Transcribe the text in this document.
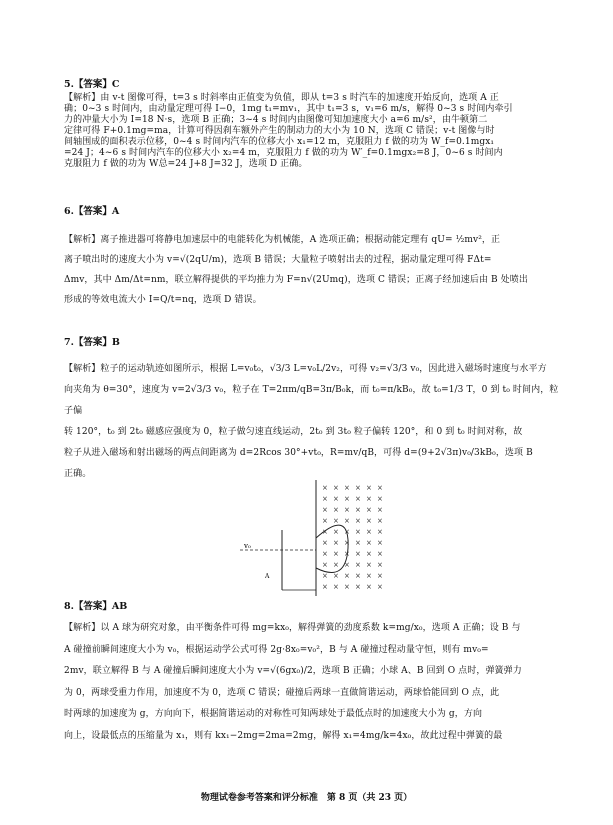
5.【答案】C
【解析】由 v-t 图像可得，t=3 s 时斜率由正值变为负值，即从 t=3 s 时汽车的加速度开始反向，选项 A 正
确；0~3 s 时间内，由动量定理可得 I−0，1mg t₁=mv₁，其中 t₁=3 s，v₁=6 m/s，解得 0~3 s 时间内牵引
力的冲量大小为 I=18 N·s，选项 B 正确；3~4 s 时间内由图像可知加速度大小 a=6 m/s²，由牛顿第二
定律可得 F+0.1mg=ma，计算可得因刹车额外产生的制动力的大小为 10 N，选项 C 错误；v-t 图像与时
间轴围成的面积表示位移，0~4 s 时间内汽车的位移大小 x₁=12 m，克服阻力 f 做的功为 W_f=0.1mgx₁
=24 J；4~6 s 时间内汽车的位移大小 x₂=4 m，克服阻力 f 做的功为 W′_f=0.1mgx₂=8 J，0~6 s 时间内
克服阻力 f 做的功为 W总=24 J+8 J=32 J，选项 D 正确。
6.【答案】A
【解析】离子推进器可将静电加速层中的电能转化为机械能，A 选项正确；根据动能定理有 qU= ½mv²，正
离子喷出时的速度大小为 v=√(2qU/m)，选项 B 错误；大量粒子喷射出去的过程，据动量定理可得 FΔt=
Δmv，其中 Δm/Δt=nm，联立解得提供的平均推力为 F=n√(2Umq)，选项 C 错误；正离子经加速后由 B 处喷出
形成的等效电流大小 I=Q/t=nq，选项 D 错误。
7.【答案】B
【解析】粒子的运动轨迹如图所示，根据 L=v₀t₀，√3/3 L=v₀L/2v₂，可得 v₂=√3/3 v₀，因此进入磁场时速度与水平方
向夹角为 θ=30°，速度为 v=2√3/3 v₀，粒子在 T=2πm/qB=3π/B₀k，而 t₀=π/kB₀，故 t₀=1/3 T，0 到 t₀ 时间内，粒子偏
转 120°，t₀ 到 2t₀ 磁感应强度为 0，粒子做匀速直线运动，2t₀ 到 3t₀ 粒子偏转 120°，和 0 到 t₀ 时间对称，故
粒子从进入磁场和射出磁场的两点间距离为 d=2Rcos 30°+vt₀，R=mv/qB，可得 d=(9+2√3π)v₀/3kB₀，选项 B
正确。
× × × × × ×
× × × × × ×
× × × × × ×
× × × × × ×
× × × × × ×
× × × × × ×
× × × × × ×
× × × × × ×
× × × × × ×
× × × × × ×
v₀
A
8.【答案】AB
【解析】以 A 球为研究对象，由平衡条件可得 mg=kx₀，解得弹簧的劲度系数 k=mg/x₀，选项 A 正确；设 B 与
A 碰撞前瞬间速度大小为 v₀，根据运动学公式可得 2g·8x₀=v₀²，B 与 A 碰撞过程动量守恒，则有 mv₀=
2mv，联立解得 B 与 A 碰撞后瞬间速度大小为 v=√(6gx₀)/2，选项 B 正确；小球 A、B 回到 O 点时，弹簧弹力
为 0，两球受重力作用，加速度不为 0，选项 C 错误；碰撞后两球一直做简谐运动，两球恰能回到 O 点，此
时两球的加速度为 g，方向向下，根据简谐运动的对称性可知两球处于最低点时的加速度大小为 g，方向
向上，设最低点的压缩量为 x₁，则有 kx₁−2mg=2ma=2mg，解得 x₁=4mg/k=4x₀，故此过程中弹簧的最
物理试卷参考答案和评分标准　第 8 页（共 23 页）
